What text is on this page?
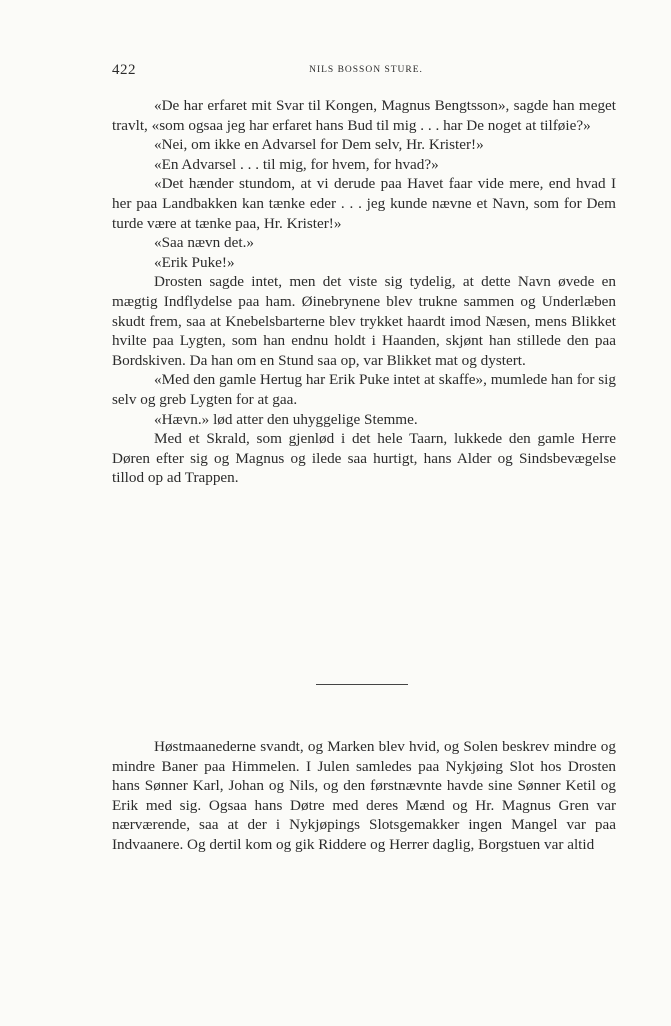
422	NILS BOSSON STURE.

«De har erfaret mit Svar til Kongen, Magnus Bengtsson», sagde han meget travlt, «som ogsaa jeg har erfaret hans Bud til mig . . . har De noget at tilføie?»

«Nei, om ikke en Advarsel for Dem selv, Hr. Krister!»

«En Advarsel . . . til mig, for hvem, for hvad?»

«Det hænder stundom, at vi derude paa Havet faar vide mere, end hvad I her paa Landbakken kan tænke eder . . . jeg kunde nævne et Navn, som for Dem turde være at tænke paa, Hr. Krister!»

«Saa nævn det.»

«Erik Puke!»

Drosten sagde intet, men det viste sig tydelig, at dette Navn øvede en mægtig Indflydelse paa ham. Øinebrynene blev trukne sammen og Underlæben skudt frem, saa at Knebelsbarterne blev trykket haardt imod Næsen, mens Blikket hvilte paa Lygten, som han endnu holdt i Haanden, skjønt han stillede den paa Bordskiven. Da han om en Stund saa op, var Blikket mat og dystert.

«Med den gamle Hertug har Erik Puke intet at skaffe», mumlede han for sig selv og greb Lygten for at gaa.

«Hævn.» lød atter den uhyggelige Stemme.

Med et Skrald, som gjenlød i det hele Taarn, lukkede den gamle Herre Døren efter sig og Magnus og ilede saa hurtigt, hans Alder og Sindsbevægelse tillod op ad Trappen.

Høstmaanederne svandt, og Marken blev hvid, og Solen beskrev mindre og mindre Baner paa Himmelen. I Julen samledes paa Nykjøing Slot hos Drosten hans Sønner Karl, Johan og Nils, og den førstnævnte havde sine Sønner Ketil og Erik med sig. Ogsaa hans Døtre med deres Mænd og Hr. Magnus Gren var nærværende, saa at der i Nykjøpings Slotsgemakker ingen Mangel var paa Indvaanere. Og dertil kom og gik Riddere og Herrer daglig, Borgstuen var altid
